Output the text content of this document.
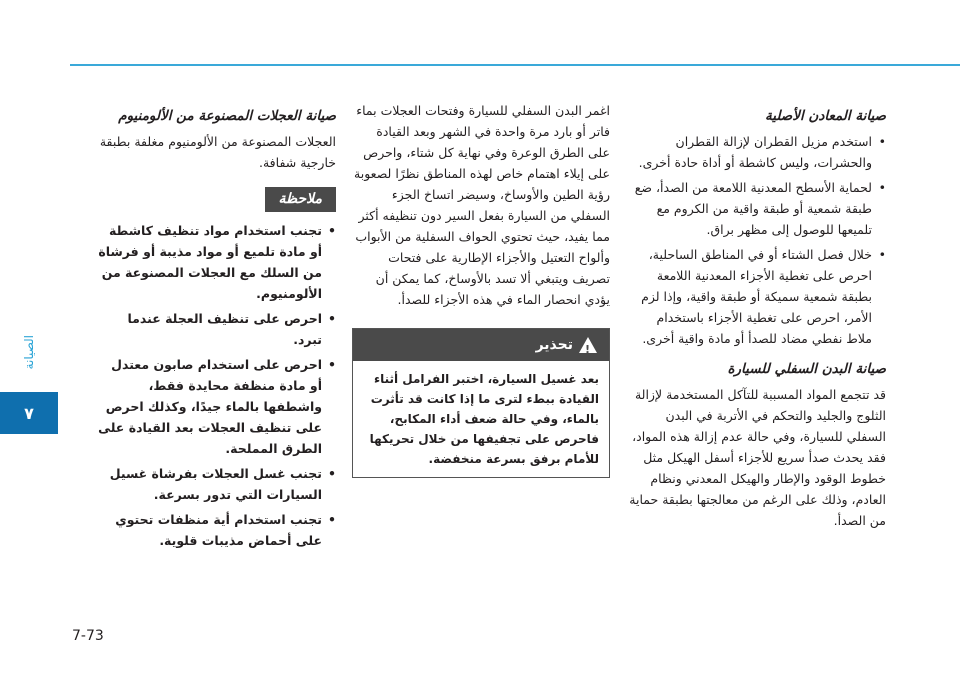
الصيانة
٧
7-73
صيانة المعادن الأصلية
• استخدم مزيل القطران لإزالة القطران والحشرات، وليس كاشطة أو أداة حادة أخرى.
• لحماية الأسطح المعدنية اللامعة من الصدأ، ضع طبقة شمعية أو طبقة واقية من الكروم مع تلميعها للوصول إلى مظهر براق.
• خلال فصل الشتاء أو في المناطق الساحلية، احرص على تغطية الأجزاء المعدنية اللامعة بطبقة شمعية سميكة أو طبقة واقية، وإذا لزم الأمر، احرص على تغطية الأجزاء باستخدام ملاط نفطي مضاد للصدأ أو مادة واقية أخرى.
صيانة البدن السفلي للسيارة

قد تتجمع المواد المسببة للتآكل المستخدمة لإزالة الثلوج والجليد والتحكم في الأتربة في البدن السفلي للسيارة، وفي حالة عدم إزالة هذه المواد، فقد يحدث صدأ سريع للأجزاء أسفل الهيكل مثل خطوط الوقود والإطار والهيكل المعدني ونظام العادم، وذلك على الرغم من معالجتها بطبقة حماية من الصدأ.

اغمر البدن السفلي للسيارة وفتحات العجلات بماء فاتر أو بارد مرة واحدة في الشهر وبعد القيادة على الطرق الوعرة وفي نهاية كل شتاء، واحرص على إيلاء اهتمام خاص لهذه المناطق نظرًا لصعوبة رؤية الطين والأوساخ، وسيضر اتساخ الجزء السفلي من السيارة بفعل السير دون تنظيفه أكثر مما يفيد، حيث تحتوي الحواف السفلية من الأبواب وألواح التعتيل والأجزاء الإطارية على فتحات تصريف ويتبغي ألا تسد بالأوساخ، كما يمكن أن يؤدي انحصار الماء في هذه الأجزاء للصدأ.

!
تحذير
بعد غسيل السيارة، اختبر الفرامل أثناء القيادة ببطء لترى ما إذا كانت قد تأثرت بالماء، وفي حالة ضعف أداء المكابح، فاحرص على تجفيفها من خلال تحريكها للأمام برفق بسرعة منخفضة.
صيانة العجلات المصنوعة من الألومنيوم

العجلات المصنوعة من الألومنيوم مغلفة بطبقة خارجية شفافة.

ملاحظة
• تجنب استخدام مواد تنظيف كاشطة أو مادة تلميع أو مواد مذيبة أو فرشاة من السلك مع العجلات المصنوعة من الألومنيوم.
• احرص على تنظيف العجلة عندما تبرد.
• احرص على استخدام صابون معتدل أو مادة منظفة محايدة فقط، واشطفها بالماء جيدًا، وكذلك احرص على تنظيف العجلات بعد القيادة على الطرق المملحة.
• تجنب غسل العجلات بفرشاة غسيل السيارات التي تدور بسرعة.
• تجنب استخدام أية منظفات تحتوي على أحماض مذيبات قلوية.
